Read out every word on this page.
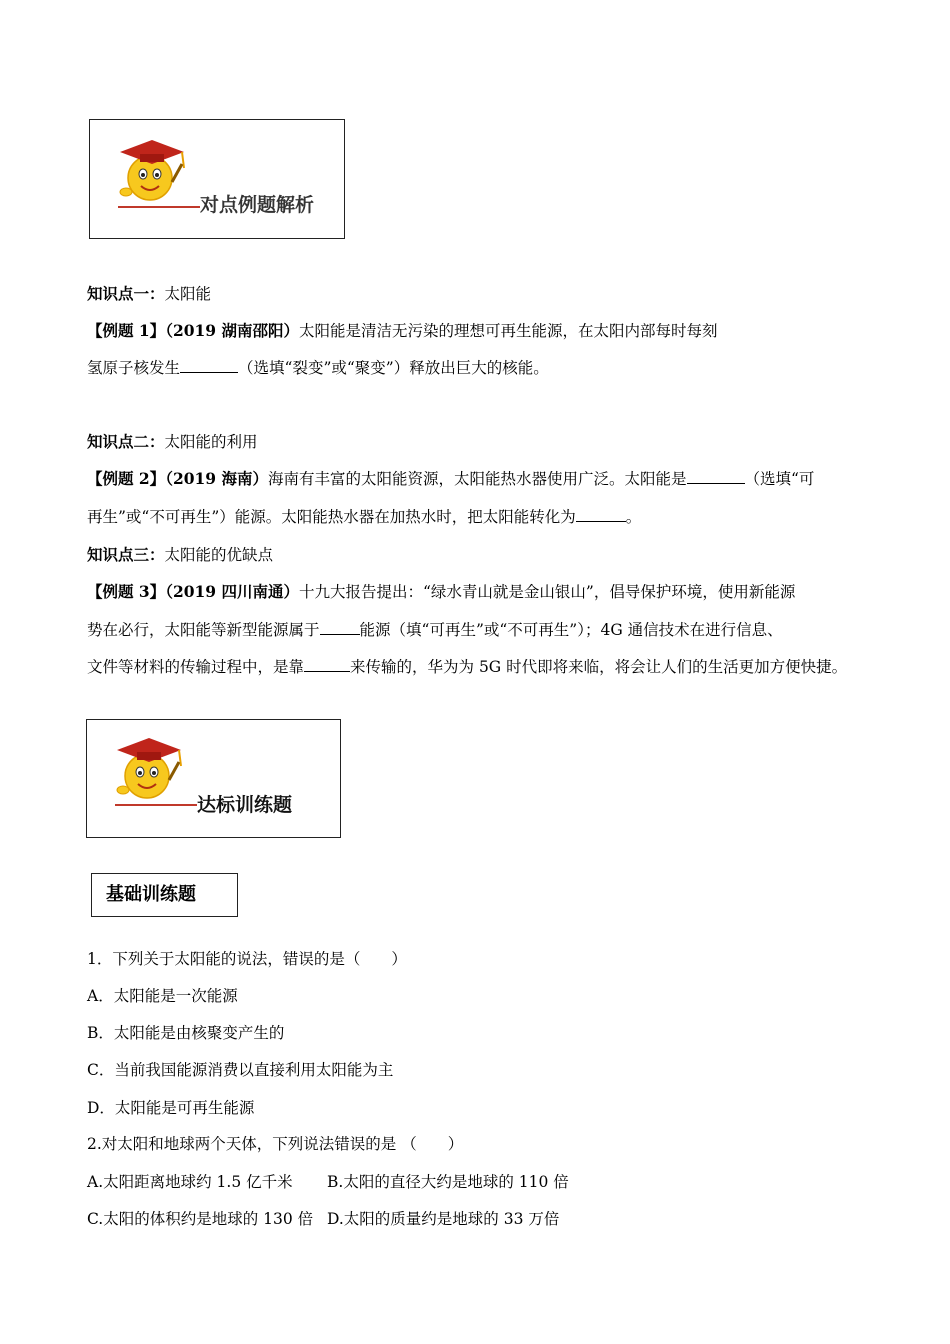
对点例题解析
知识点一：太阳能
【例题 1】（2019 湖南邵阳）太阳能是清洁无污染的理想可再生能源，在太阳内部每时每刻
氢原子核发生	（选填“裂变”或“聚变”）释放出巨大的核能。
知识点二：太阳能的利用
【例题 2】（2019 海南）海南有丰富的太阳能资源，太阳能热水器使用广泛。太阳能是	（选填“可
再生”或“不可再生”）能源。太阳能热水器在加热水时，把太阳能转化为	。
知识点三：太阳能的优缺点
【例题 3】（2019 四川南通）十九大报告提出：“绿水青山就是金山银山”，倡导保护环境，使用新能源
势在必行，太阳能等新型能源属于	能源（填“可再生”或“不可再生”）；4G 通信技术在进行信息、
文件等材料的传输过程中，是靠	来传输的，华为为 5G 时代即将来临，将会让人们的生活更加方便快捷。
达标训练题
基础训练题
1．下列关于太阳能的说法，错误的是（　　）
A．太阳能是一次能源
B．太阳能是由核聚变产生的
C．当前我国能源消费以直接利用太阳能为主
D．太阳能是可再生能源
2.对太阳和地球两个天体，下列说法错误的是 （　　）
A.太阳距离地球约 1.5 亿千米 B.太阳的直径大约是地球的 110 倍
C.太阳的体积约是地球的 130 倍 D.太阳的质量约是地球的 33 万倍
